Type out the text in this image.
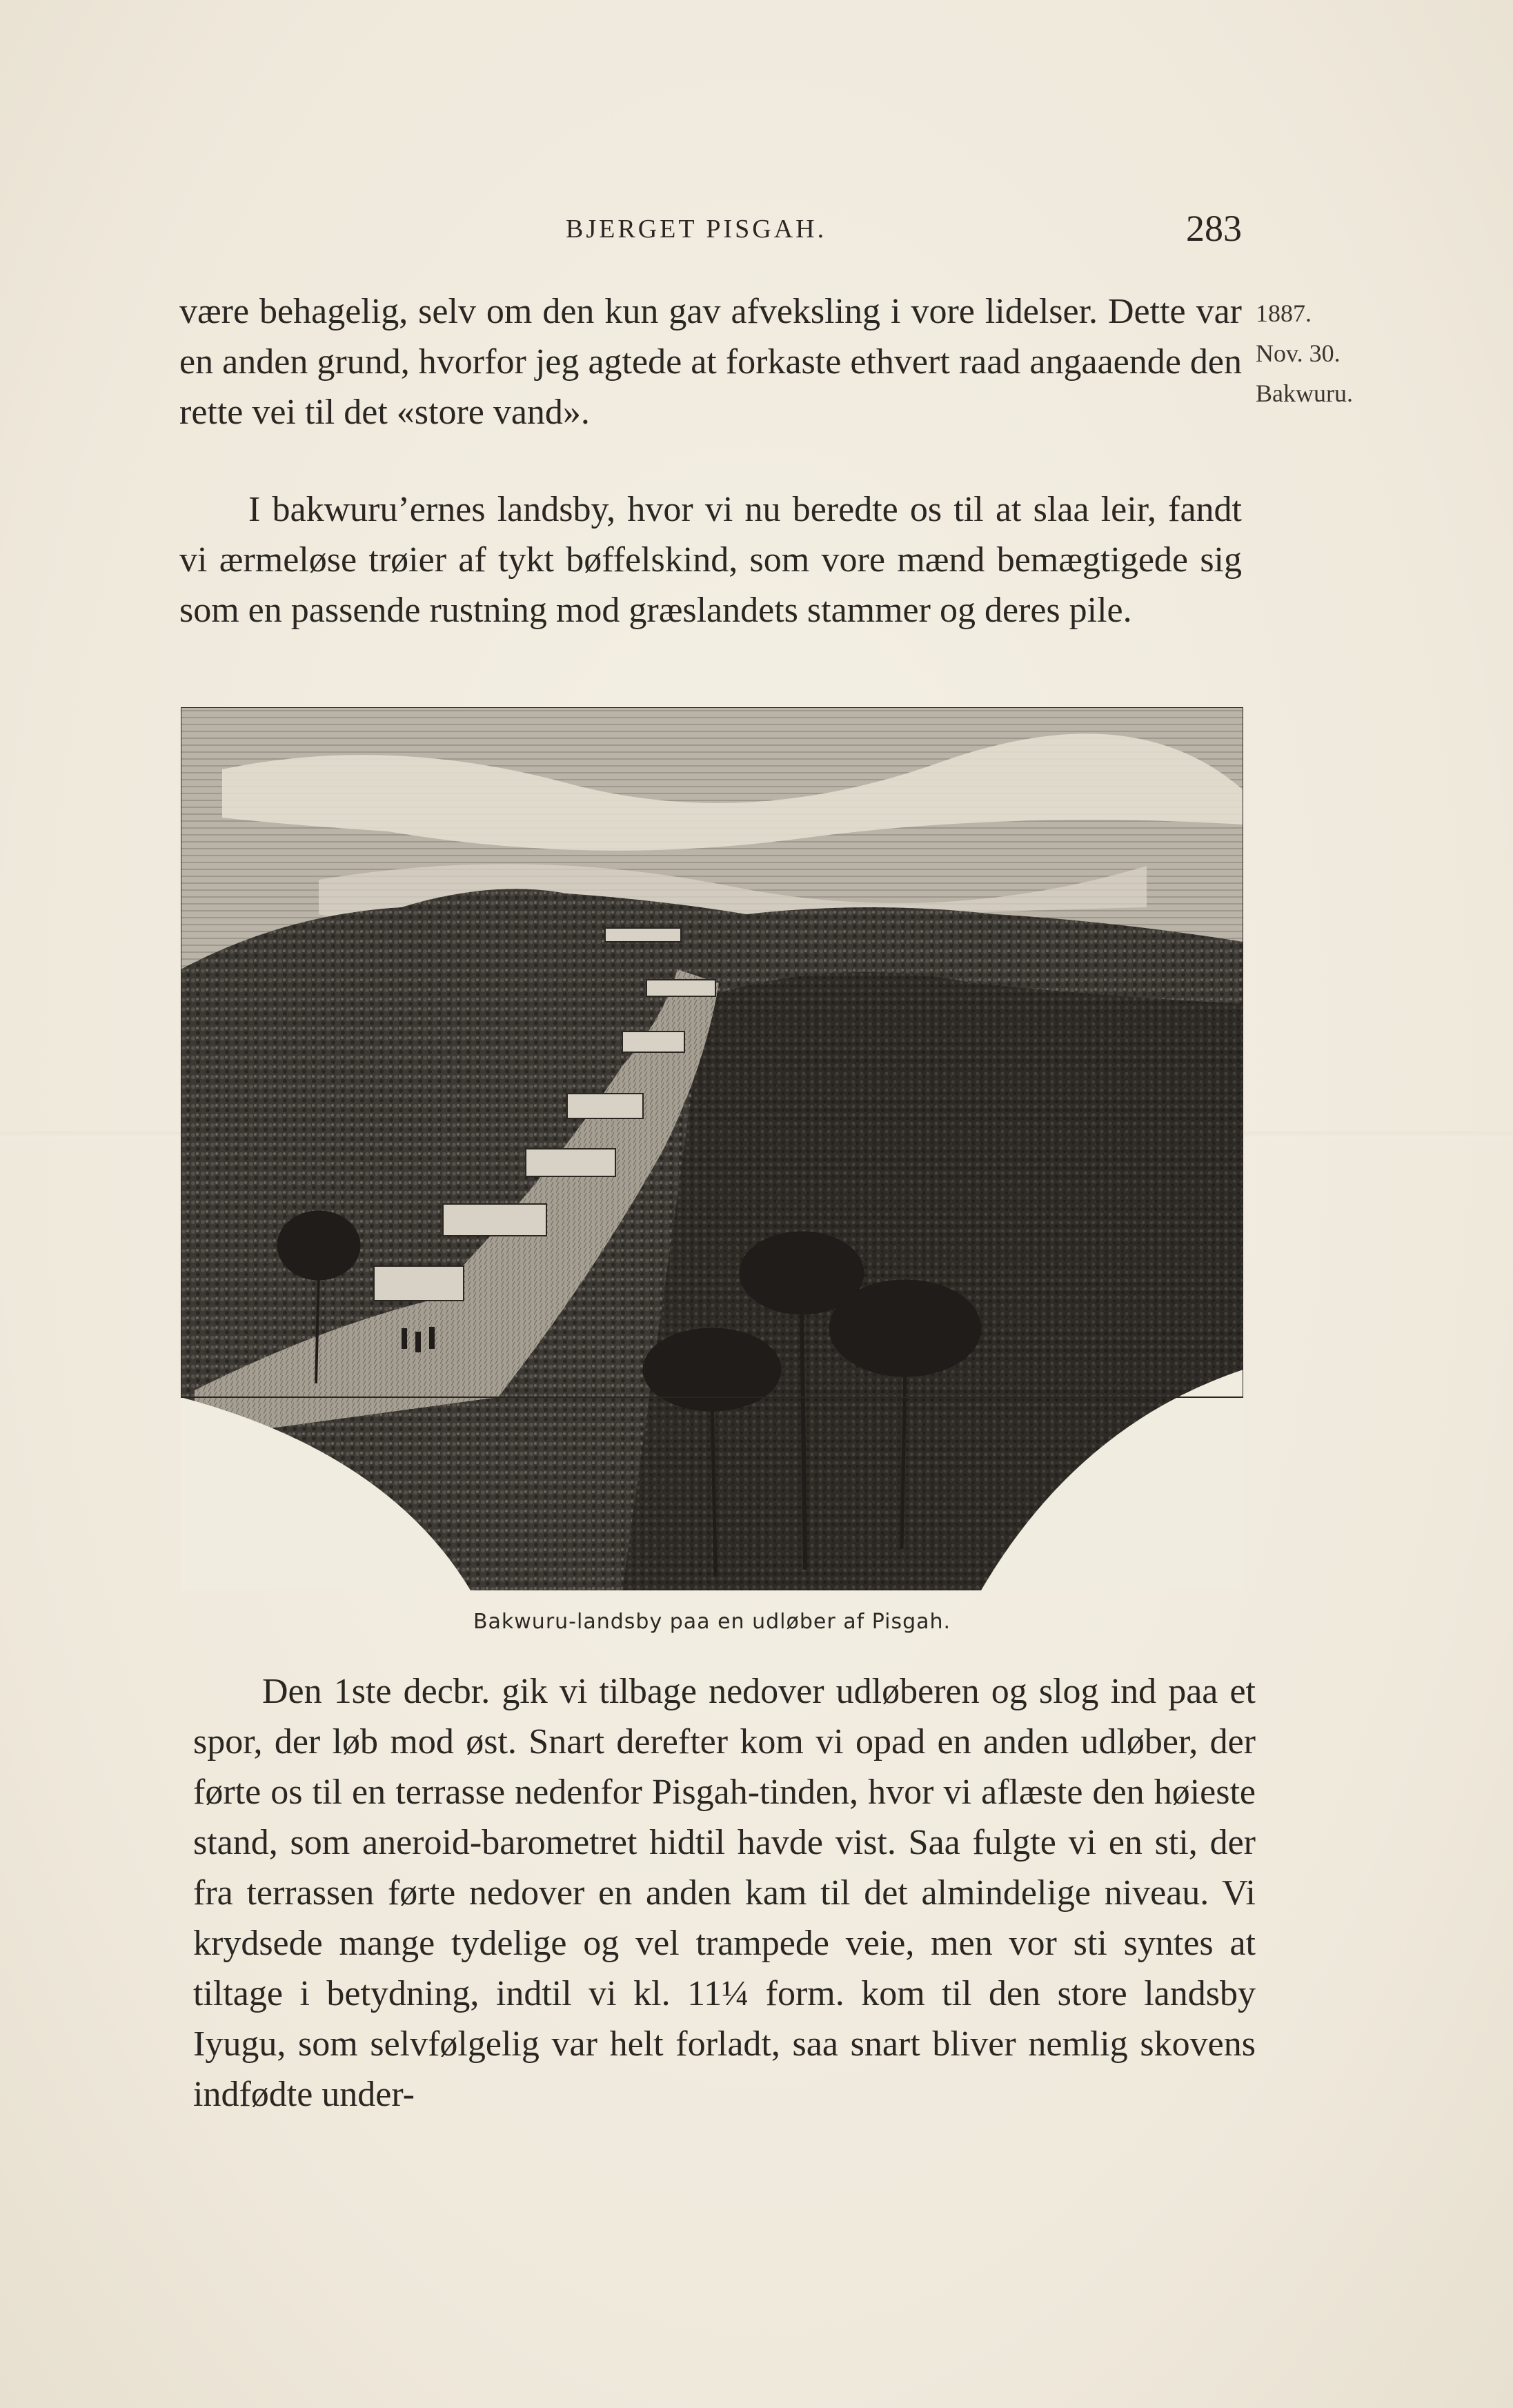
BJERGET PISGAH.	283
1887.
Nov. 30.
Bakwuru.

være behagelig, selv om den kun gav afveksling i vore lidelser. Dette var en anden grund, hvorfor jeg agtede at forkaste ethvert raad angaaende den rette vei til det «store vand».

I bakwuru’ernes landsby, hvor vi nu beredte os til at slaa leir, fandt vi ærmeløse trøier af tykt bøffelskind, som vore mænd bemægtigede sig som en passende rustning mod græslandets stammer og deres pile.

Bakwuru-landsby paa en udløber af Pisgah.

Den 1ste decbr. gik vi tilbage nedover udløberen og slog ind paa et spor, der løb mod øst. Snart derefter kom vi opad en anden udløber, der førte os til en terrasse nedenfor Pisgah-tinden, hvor vi aflæste den høieste stand, som aneroid-barometret hidtil havde vist. Saa fulgte vi en sti, der fra terrassen førte nedover en anden kam til det almindelige niveau. Vi krydsede mange tydelige og vel trampede veie, men vor sti syntes at tiltage i betydning, indtil vi kl. 11¼ form. kom til den store landsby Iyugu, som selvfølgelig var helt forladt, saa snart bliver nemlig skovens indfødte under-
